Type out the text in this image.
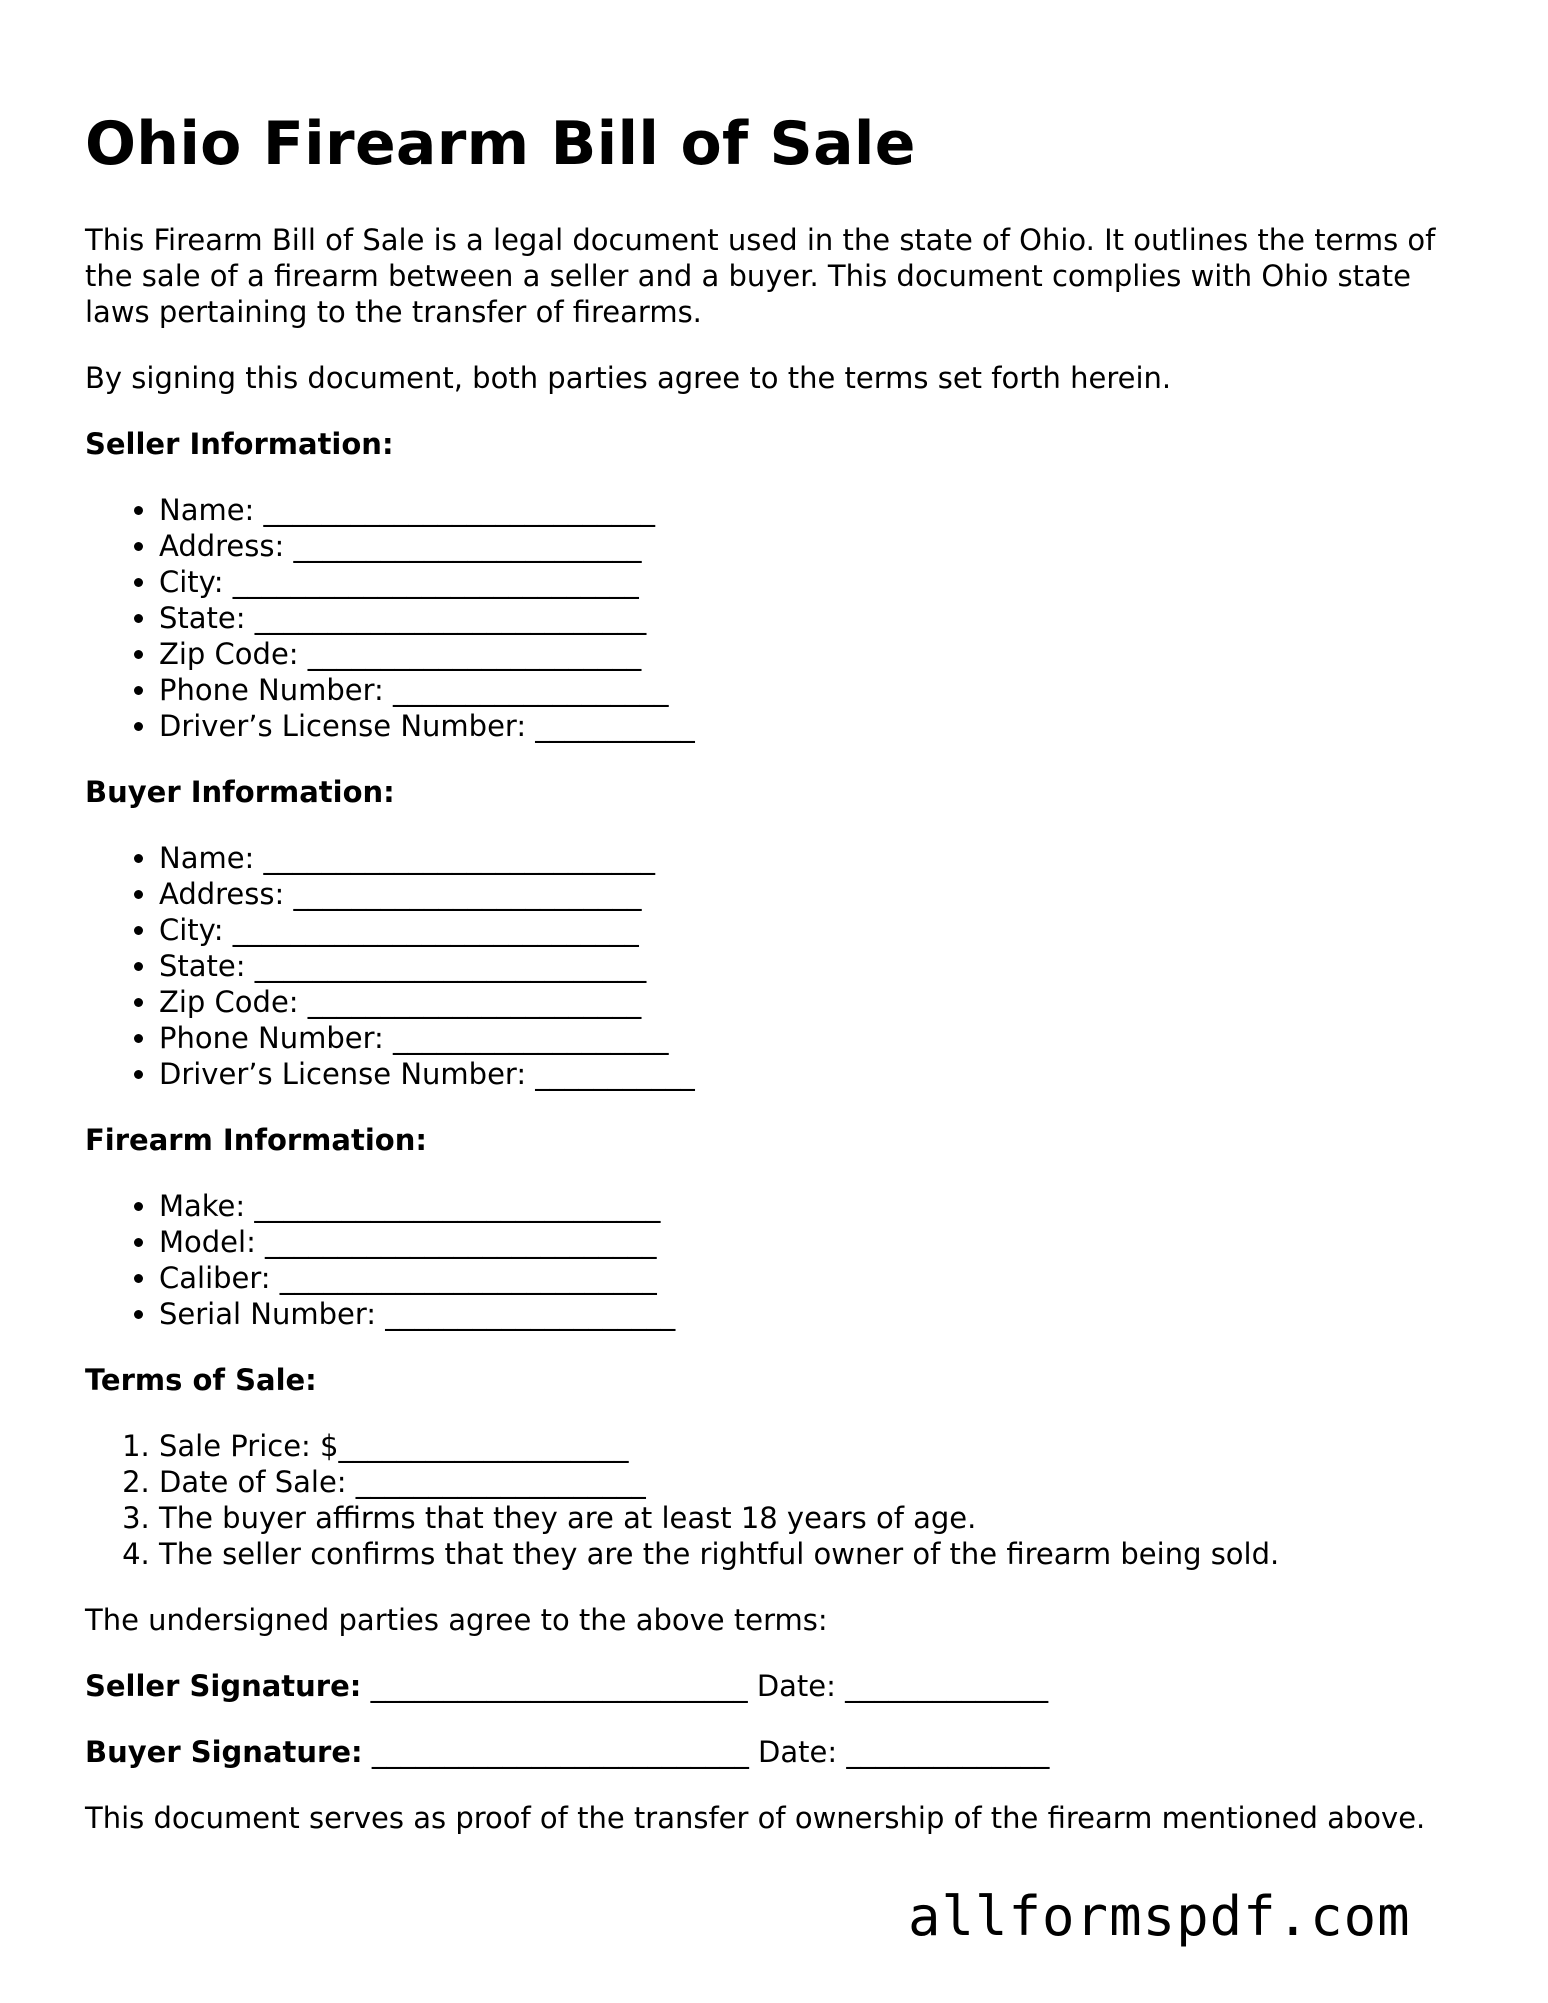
Ohio Firearm Bill of Sale

This Firearm Bill of Sale is a legal document used in the state of Ohio. It outlines the terms of the sale of a firearm between a seller and a buyer. This document complies with Ohio state laws pertaining to the transfer of firearms.

By signing this document, both parties agree to the terms set forth herein.

Seller Information:
• Name: ___________________________
• Address: ________________________
• City: ____________________________
• State: ___________________________
• Zip Code: _______________________
• Phone Number: ___________________
• Driver’s License Number: ___________
Buyer Information:
• Name: ___________________________
• Address: ________________________
• City: ____________________________
• State: ___________________________
• Zip Code: _______________________
• Phone Number: ___________________
• Driver’s License Number: ___________
Firearm Information:
• Make: ____________________________
• Model: ___________________________
• Caliber: __________________________
• Serial Number: ____________________
Terms of Sale:
1. Sale Price: $____________________
2. Date of Sale: ____________________
3. The buyer affirms that they are at least 18 years of age.
4. The seller confirms that they are the rightful owner of the firearm being sold.

The undersigned parties agree to the above terms:

Seller Signature: __________________________ Date: ______________
Buyer Signature: __________________________ Date: ______________

This document serves as proof of the transfer of ownership of the firearm mentioned above.

allformspdf.com
